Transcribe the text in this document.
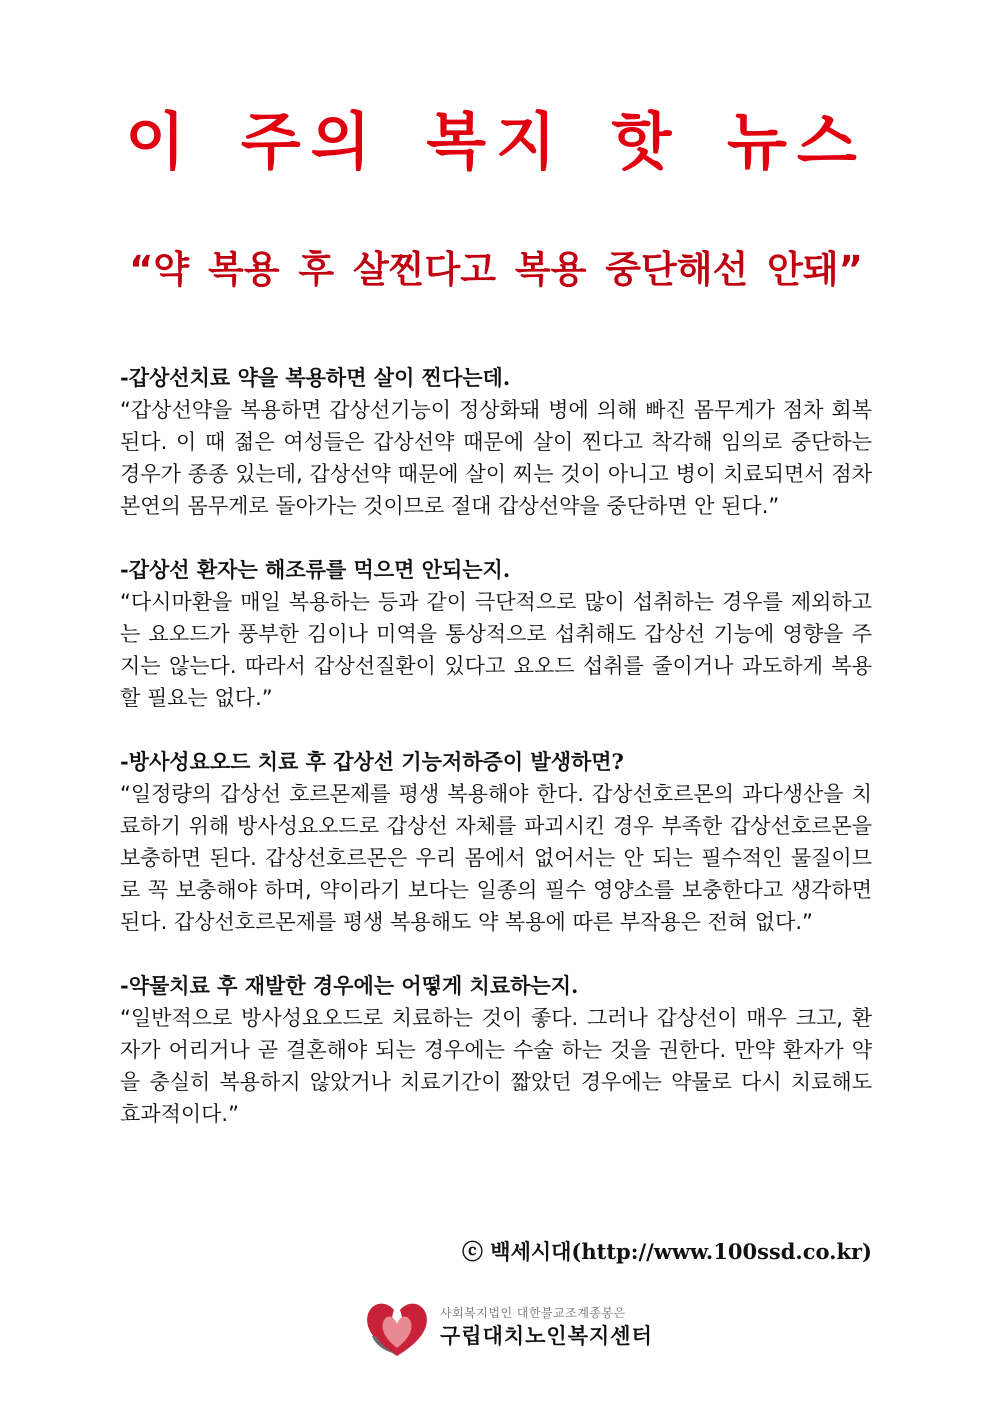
이 주의 복지 핫 뉴스
“약 복용 후 살찐다고 복용 중단해선 안돼”

-갑상선치료 약을 복용하면 살이 찐다는데.

“갑상선약을 복용하면 갑상선기능이 정상화돼 병에 의해 빠진 몸무게가 점차 회복된다. 이 때 젊은 여성들은 갑상선약 때문에 살이 찐다고 착각해 임의로 중단하는 경우가 종종 있는데, 갑상선약 때문에 살이 찌는 것이 아니고 병이 치료되면서 점차 본연의 몸무게로 돌아가는 것이므로 절대 갑상선약을 중단하면 안 된다.”

-갑상선 환자는 해조류를 먹으면 안되는지.

“다시마환을 매일 복용하는 등과 같이 극단적으로 많이 섭취하는 경우를 제외하고는 요오드가 풍부한 김이나 미역을 통상적으로 섭취해도 갑상선 기능에 영향을 주지는 않는다. 따라서 갑상선질환이 있다고 요오드 섭취를 줄이거나 과도하게 복용할 필요는 없다.”

-방사성요오드 치료 후 갑상선 기능저하증이 발생하면?

“일정량의 갑상선 호르몬제를 평생 복용해야 한다. 갑상선호르몬의 과다생산을 치료하기 위해 방사성요오드로 갑상선 자체를 파괴시킨 경우 부족한 갑상선호르몬을 보충하면 된다. 갑상선호르몬은 우리 몸에서 없어서는 안 되는 필수적인 물질이므로 꼭 보충해야 하며, 약이라기 보다는 일종의 필수 영양소를 보충한다고 생각하면 된다. 갑상선호르몬제를 평생 복용해도 약 복용에 따른 부작용은 전혀 없다.”

-약물치료 후 재발한 경우에는 어떻게 치료하는지.

“일반적으로 방사성요오드로 치료하는 것이 좋다. 그러나 갑상선이 매우 크고, 환자가 어리거나 곧 결혼해야 되는 경우에는 수술 하는 것을 권한다. 만약 환자가 약을 충실히 복용하지 않았거나 치료기간이 짧았던 경우에는 약물로 다시 치료해도 효과적이다.”

ⓒ 백세시대(http://www.100ssd.co.kr)
사회복지법인 대한불교조계종봉은
구립대치노인복지센터
